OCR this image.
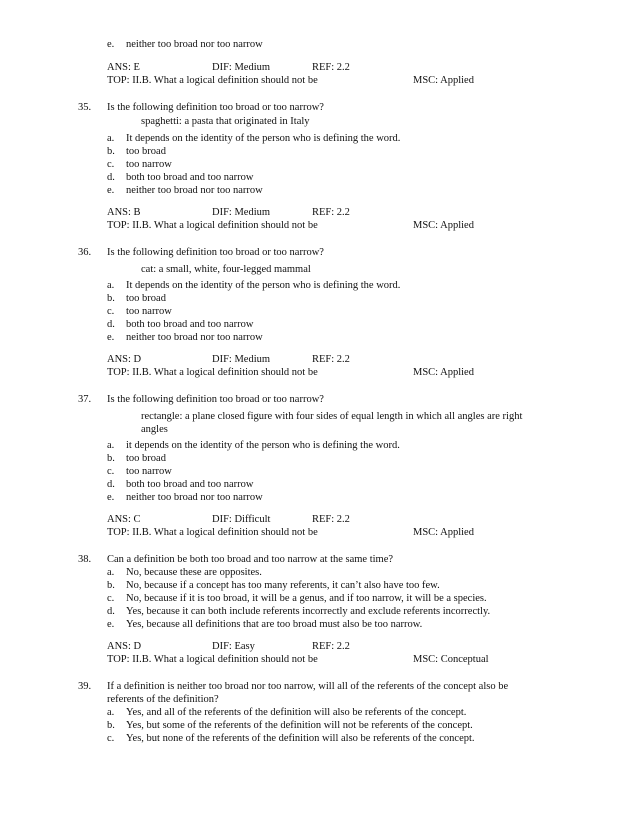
e. neither too broad nor too narrow
ANS: E	DIF: Medium	REF: 2.2
TOP: II.B. What a logical definition should not be	MSC: Applied
35. Is the following definition too broad or too narrow?
spaghetti: a pasta that originated in Italy
a. It depends on the identity of the person who is defining the word.
b. too broad
c. too narrow
d. both too broad and too narrow
e. neither too broad nor too narrow
ANS: B	DIF: Medium	REF: 2.2
TOP: II.B. What a logical definition should not be	MSC: Applied
36. Is the following definition too broad or too narrow?
cat: a small, white, four-legged mammal
a. It depends on the identity of the person who is defining the word.
b. too broad
c. too narrow
d. both too broad and too narrow
e. neither too broad nor too narrow
ANS: D	DIF: Medium	REF: 2.2
TOP: II.B. What a logical definition should not be	MSC: Applied
37. Is the following definition too broad or too narrow?
rectangle: a plane closed figure with four sides of equal length in which all angles are right
angles
a. it depends on the identity of the person who is defining the word.
b. too broad
c. too narrow
d. both too broad and too narrow
e. neither too broad nor too narrow
ANS: C	DIF: Difficult	REF: 2.2
TOP: II.B. What a logical definition should not be	MSC: Applied
38. Can a definition be both too broad and too narrow at the same time?
a. No, because these are opposites.
b. No, because if a concept has too many referents, it can’t also have too few.
c. No, because if it is too broad, it will be a genus, and if too narrow, it will be a species.
d. Yes, because it can both include referents incorrectly and exclude referents incorrectly.
e. Yes, because all definitions that are too broad must also be too narrow.
ANS: D	DIF: Easy	REF: 2.2
TOP: II.B. What a logical definition should not be	MSC: Conceptual
39. If a definition is neither too broad nor too narrow, will all of the referents of the concept also be
referents of the definition?
a. Yes, and all of the referents of the definition will also be referents of the concept.
b. Yes, but some of the referents of the definition will not be referents of the concept.
c. Yes, but none of the referents of the definition will also be referents of the concept.
